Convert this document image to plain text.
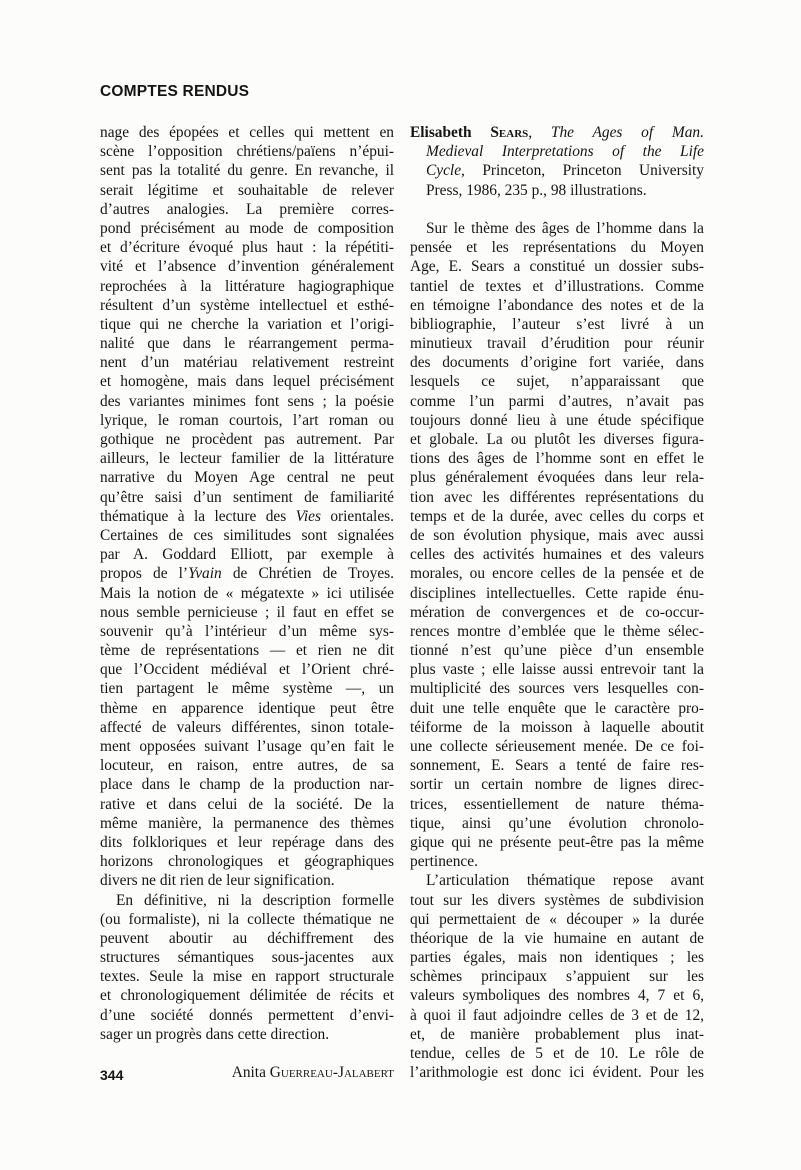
COMPTES RENDUS
nage des épopées et celles qui mettent en
scène l’opposition chrétiens/païens n’épui-
sent pas la totalité du genre. En revanche, il
serait légitime et souhaitable de relever
d’autres analogies. La première corres-
pond précisément au mode de composition
et d’écriture évoqué plus haut : la répétiti-
vité et l’absence d’invention généralement
reprochées à la littérature hagiographique
résultent d’un système intellectuel et esthé-
tique qui ne cherche la variation et l’origi-
nalité que dans le réarrangement perma-
nent d’un matériau relativement restreint
et homogène, mais dans lequel précisément
des variantes minimes font sens ; la poésie
lyrique, le roman courtois, l’art roman ou
gothique ne procèdent pas autrement. Par
ailleurs, le lecteur familier de la littérature
narrative du Moyen Age central ne peut
qu’être saisi d’un sentiment de familiarité
thématique à la lecture des Vies orientales.
Certaines de ces similitudes sont signalées
par A. Goddard Elliott, par exemple à
propos de l’Yvain de Chrétien de Troyes.
Mais la notion de « mégatexte » ici utilisée
nous semble pernicieuse ; il faut en effet se
souvenir qu’à l’intérieur d’un même sys-
tème de représentations — et rien ne dit
que l’Occident médiéval et l’Orient chré-
tien partagent le même système —, un
thème en apparence identique peut être
affecté de valeurs différentes, sinon totale-
ment opposées suivant l’usage qu’en fait le
locuteur, en raison, entre autres, de sa
place dans le champ de la production nar-
rative et dans celui de la société. De la
même manière, la permanence des thèmes
dits folkloriques et leur repérage dans des
horizons chronologiques et géographiques
divers ne dit rien de leur signification.
En définitive, ni la description formelle
(ou formaliste), ni la collecte thématique ne
peuvent aboutir au déchiffrement des
structures sémantiques sous-jacentes aux
textes. Seule la mise en rapport structurale
et chronologiquement délimitée de récits et
d’une société donnés permettent d’envi-
sager un progrès dans cette direction.
Anita Guerreau-Jalabert
Elisabeth Sears, The Ages of Man.
Medieval Interpretations of the Life
Cycle, Princeton, Princeton University
Press, 1986, 235 p., 98 illustrations.
Sur le thème des âges de l’homme dans la
pensée et les représentations du Moyen
Age, E. Sears a constitué un dossier subs-
tantiel de textes et d’illustrations. Comme
en témoigne l’abondance des notes et de la
bibliographie, l’auteur s’est livré à un
minutieux travail d’érudition pour réunir
des documents d’origine fort variée, dans
lesquels ce sujet, n’apparaissant que
comme l’un parmi d’autres, n’avait pas
toujours donné lieu à une étude spécifique
et globale. La ou plutôt les diverses figura-
tions des âges de l’homme sont en effet le
plus généralement évoquées dans leur rela-
tion avec les différentes représentations du
temps et de la durée, avec celles du corps et
de son évolution physique, mais avec aussi
celles des activités humaines et des valeurs
morales, ou encore celles de la pensée et de
disciplines intellectuelles. Cette rapide énu-
mération de convergences et de co-occur-
rences montre d’emblée que le thème sélec-
tionné n’est qu’une pièce d’un ensemble
plus vaste ; elle laisse aussi entrevoir tant la
multiplicité des sources vers lesquelles con-
duit une telle enquête que le caractère pro-
téiforme de la moisson à laquelle aboutit
une collecte sérieusement menée. De ce foi-
sonnement, E. Sears a tenté de faire res-
sortir un certain nombre de lignes direc-
trices, essentiellement de nature théma-
tique, ainsi qu’une évolution chronolo-
gique qui ne présente peut-être pas la même
pertinence.
L’articulation thématique repose avant
tout sur les divers systèmes de subdivision
qui permettaient de « découper » la durée
théorique de la vie humaine en autant de
parties égales, mais non identiques ; les
schèmes principaux s’appuient sur les
valeurs symboliques des nombres 4, 7 et 6,
à quoi il faut adjoindre celles de 3 et de 12,
et, de manière probablement plus inat-
tendue, celles de 5 et de 10. Le rôle de
l’arithmologie est donc ici évident. Pour les
344
